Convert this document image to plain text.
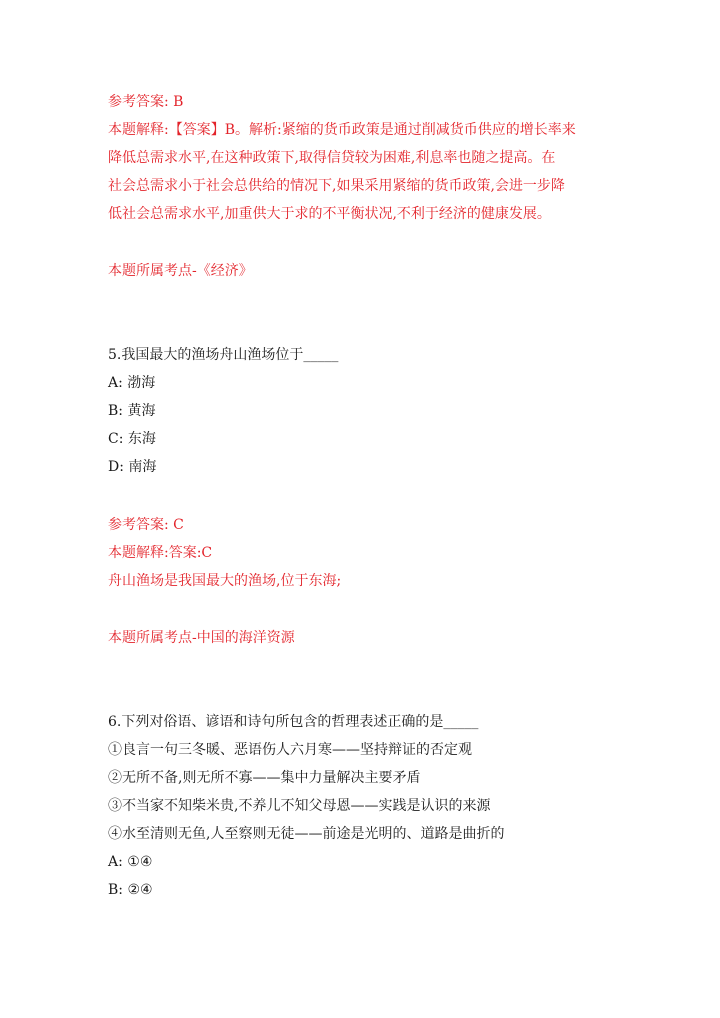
参考答案: B
本题解释:【答案】B。解析:紧缩的货币政策是通过削减货币供应的增长率来
降低总需求水平,在这种政策下,取得信贷较为困难,利息率也随之提高。在
社会总需求小于社会总供给的情况下,如果采用紧缩的货币政策,会进一步降
低社会总需求水平,加重供大于求的不平衡状况,不利于经济的健康发展。
本题所属考点-《经济》
5.我国最大的渔场舟山渔场位于_____
A: 渤海
B: 黄海
C: 东海
D: 南海
参考答案: C
本题解释:答案:C
舟山渔场是我国最大的渔场,位于东海;
本题所属考点-中国的海洋资源
6.下列对俗语、谚语和诗句所包含的哲理表述正确的是_____
①良言一句三冬暖、恶语伤人六月寒——坚持辩证的否定观
②无所不备,则无所不寡——集中力量解决主要矛盾
③不当家不知柴米贵,不养儿不知父母恩——实践是认识的来源
④水至清则无鱼,人至察则无徒——前途是光明的、道路是曲折的
A: ①④
B: ②④
